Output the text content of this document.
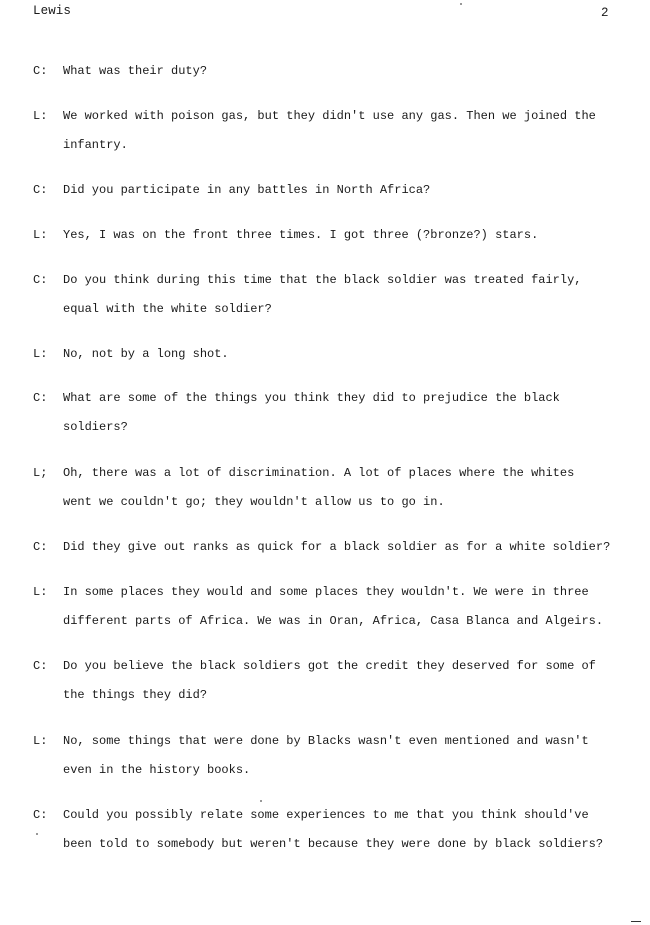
Lewis	2
C: What was their duty?
L: We worked with poison gas, but they didn't use any gas. Then we joined the
infantry.
C: Did you participate in any battles in North Africa?
L: Yes, I was on the front three times. I got three (?bronze?) stars.
C: Do you think during this time that the black soldier was treated fairly,
equal with the white soldier?
L: No, not by a long shot.
C: What are some of the things you think they did to prejudice the black
soldiers?
L; Oh, there was a lot of discrimination. A lot of places where the whites
went we couldn't go; they wouldn't allow us to go in.
C: Did they give out ranks as quick for a black soldier as for a white soldier?
L: In some places they would and some places they wouldn't. We were in three
different parts of Africa. We was in Oran, Africa, Casa Blanca and Algeirs.
C: Do you believe the black soldiers got the credit they deserved for some of
the things they did?
L: No, some things that were done by Blacks wasn't even mentioned and wasn't
even in the history books.
C: Could you possibly relate some experiences to me that you think should've
been told to somebody but weren't because they were done by black soldiers?
